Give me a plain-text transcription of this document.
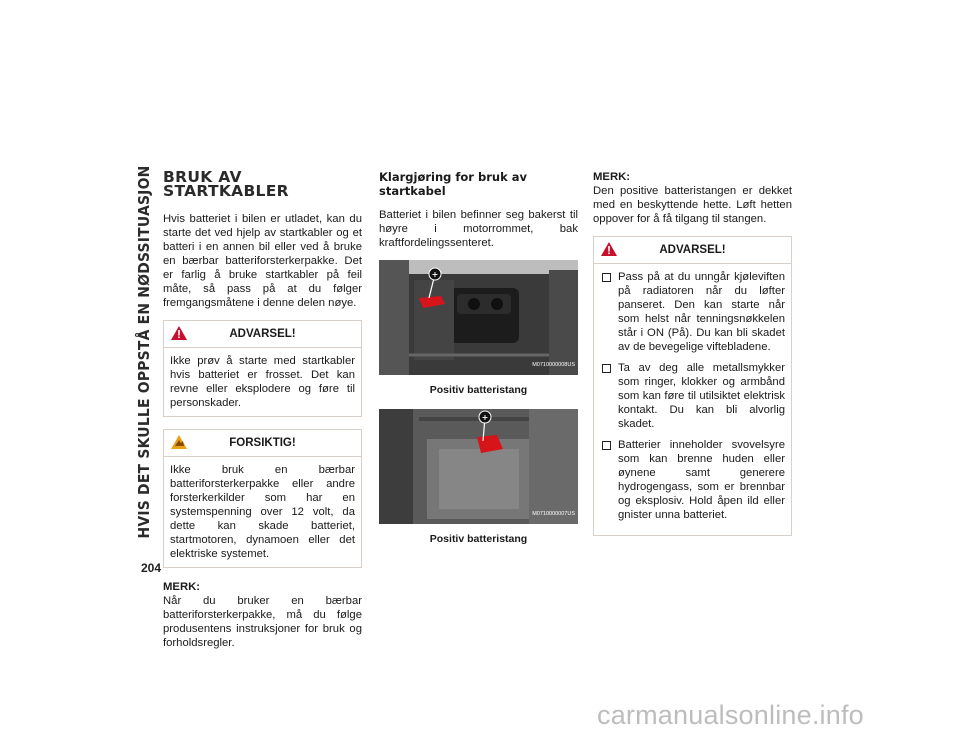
HVIS DET SKULLE OPPSTÅ EN NØDSSITUASJON
204
BRUK AV STARTKABLER

Hvis batteriet i bilen er utladet, kan du starte det ved hjelp av startkabler og et batteri i en annen bil eller ved å bruke en bærbar batteriforsterkerpakke. Det er farlig å bruke startkabler på feil måte, så pass på at du følger fremgangsmåtene i denne delen nøye.

ADVARSEL!
Ikke prøv å starte med startkabler hvis batteriet er frosset. Det kan revne eller eksplodere og føre til personskader.
FORSIKTIG!
Ikke bruk en bærbar batteriforsterkerpakke eller andre forsterkerkilder som har en systemspenning over 12 volt, da dette kan skade batteriet, startmotoren, dynamoen eller det elektriske systemet.

MERK:

Når du bruker en bærbar batteriforsterkerpakke, må du følge produsentens instruksjoner for bruk og forholdsregler.

Klargjøring for bruk av startkabel

Batteriet i bilen befinner seg bakerst til høyre i motorrommet, bak kraftfordelingssenteret.

+
M0710000008US
Positiv batteristang
+
M0710000007US
Positiv batteristang

MERK:

Den positive batteristangen er dekket med en beskyttende hette. Løft hetten oppover for å få tilgang til stangen.

ADVARSEL!
Pass på at du unngår kjøleviften på radiatoren når du løfter panseret. Den kan starte når som helst når tenningsnøkkelen står i ON (På). Du kan bli skadet av de bevegelige viftebladene.
Ta av deg alle metallsmykker som ringer, klokker og armbånd som kan føre til utilsiktet elektrisk kontakt. Du kan bli alvorlig skadet.
Batterier inneholder svovelsyre som kan brenne huden eller øynene samt generere hydrogengass, som er brennbar og eksplosiv. Hold åpen ild eller gnister unna batteriet.
carmanualsonline.info
